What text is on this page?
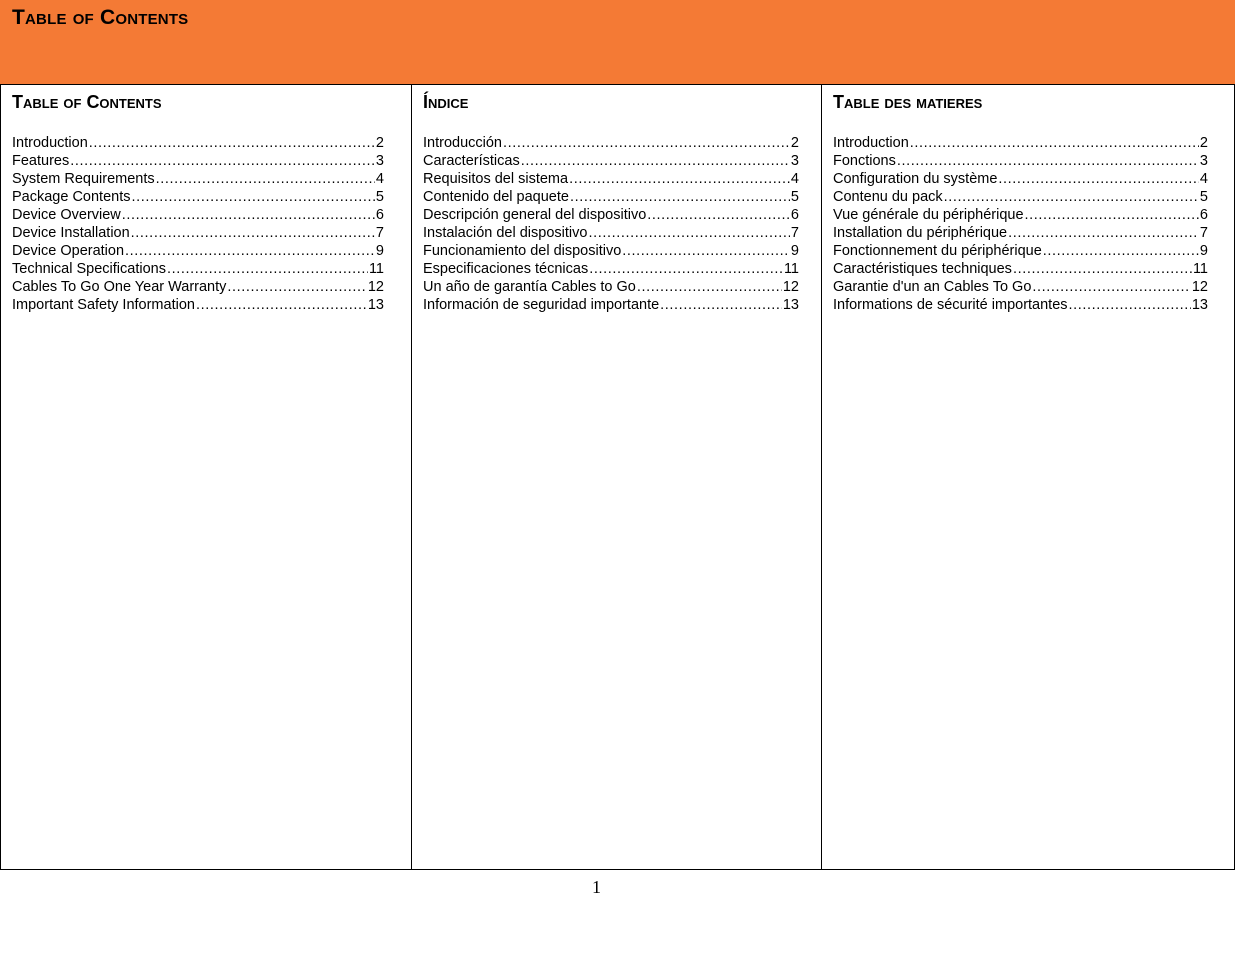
Table of Contents
Table of Contents
Introduction .....	2
Features .....	3
System Requirements .....	4
Package Contents .....	5
Device Overview .....	6
Device Installation .....	7
Device Operation .....	9
Technical Specifications .....	11
Cables To Go One Year Warranty .....	12
Important Safety Information .....	13
Índice
Introducción .....	2
Características .....	3
Requisitos del sistema .....	4
Contenido del paquete .....	5
Descripción general del dispositivo .....	6
Instalación del dispositivo .....	7
Funcionamiento del dispositivo .....	9
Especificaciones técnicas .....	11
Un año de garantía Cables to Go .....	12
Información de seguridad importante .....	13
Table des matieres
Introduction .....	2
Fonctions .....	3
Configuration du système .....	4
Contenu du pack .....	5
Vue générale du périphérique .....	6
Installation du périphérique .....	7
Fonctionnement du périphérique .....	9
Caractéristiques techniques .....	11
Garantie d'un an Cables To Go .....	12
Informations de sécurité importantes .....	13
1
